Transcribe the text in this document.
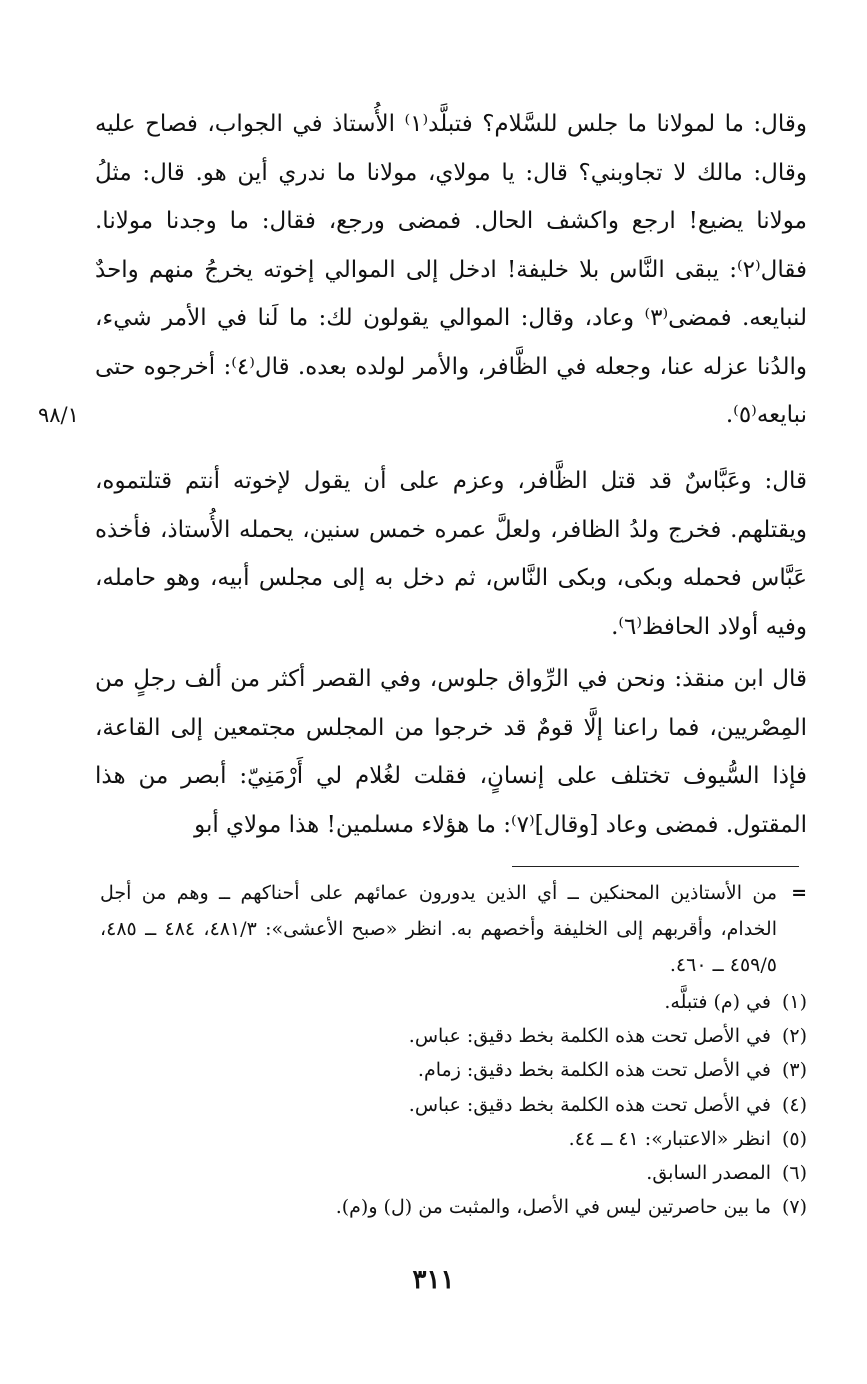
٩٨/١

وقال: ما لمولانا ما جلس للسَّلام؟ فتبلَّد⁽١⁾ الأُستاذ في الجواب، فصاح عليه وقال: مالك لا تجاوبني؟ قال: يا مولاي، مولانا ما ندري أين هو. قال: مثلُ مولانا يضيع! ارجع واكشف الحال. فمضى ورجع، فقال: ما وجدنا مولانا. فقال⁽٢⁾: يبقى النَّاس بلا خليفة! ادخل إلى الموالي إخوته يخرجُ منهم واحدٌ لنبايعه. فمضى⁽٣⁾ وعاد، وقال: الموالي يقولون لك: ما لَنا في الأمر شيء، والدُنا عزله عنا، وجعله في الظَّافر، والأمر لولده بعده. قال⁽٤⁾: أخرجوه حتى نبايعه⁽٥⁾.

قال: وعَبَّاسٌ قد قتل الظَّافر، وعزم على أن يقول لإخوته أنتم قتلتموه، ويقتلهم. فخرج ولدُ الظافر، ولعلَّ عمره خمس سنين، يحمله الأُستاذ، فأخذه عَبَّاس فحمله وبكى، وبكى النَّاس، ثم دخل به إلى مجلس أبيه، وهو حامله، وفيه أولاد الحافظ⁽٦⁾.

قال ابن منقذ: ونحن في الرِّواق جلوس، وفي القصر أكثر من ألف رجلٍ من المِصْريين، فما راعنا إلَّا قومٌ قد خرجوا من المجلس مجتمعين إلى القاعة، فإذا السُّيوف تختلف على إنسانٍ، فقلت لغُلام لي أَرْمَنِيّ: أبصر من هذا المقتول. فمضى وعاد [وقال]⁽٧⁾: ما هؤلاء مسلمين! هذا مولاي أبو

=
من الأستاذين المحنكين ــ أي الذين يدورون عمائهم على أحناكهم ــ وهم من أجل الخدام، وأقربهم إلى الخليفة وأخصهم به. انظر «صبح الأعشى»: ٤٨١/٣، ٤٨٤ ــ ٤٨٥، ٤٥٩/٥ ــ ٤٦٠.
(١)
في (م) فتبلَّه.
(٢)
في الأصل تحت هذه الكلمة بخط دقيق: عباس.
(٣)
في الأصل تحت هذه الكلمة بخط دقيق: زمام.
(٤)
في الأصل تحت هذه الكلمة بخط دقيق: عباس.
(٥)
انظر «الاعتبار»: ٤١ ــ ٤٤.
(٦)
المصدر السابق.
(٧)
ما بين حاصرتين ليس في الأصل، والمثبت من (ل) و(م).
٣١١
